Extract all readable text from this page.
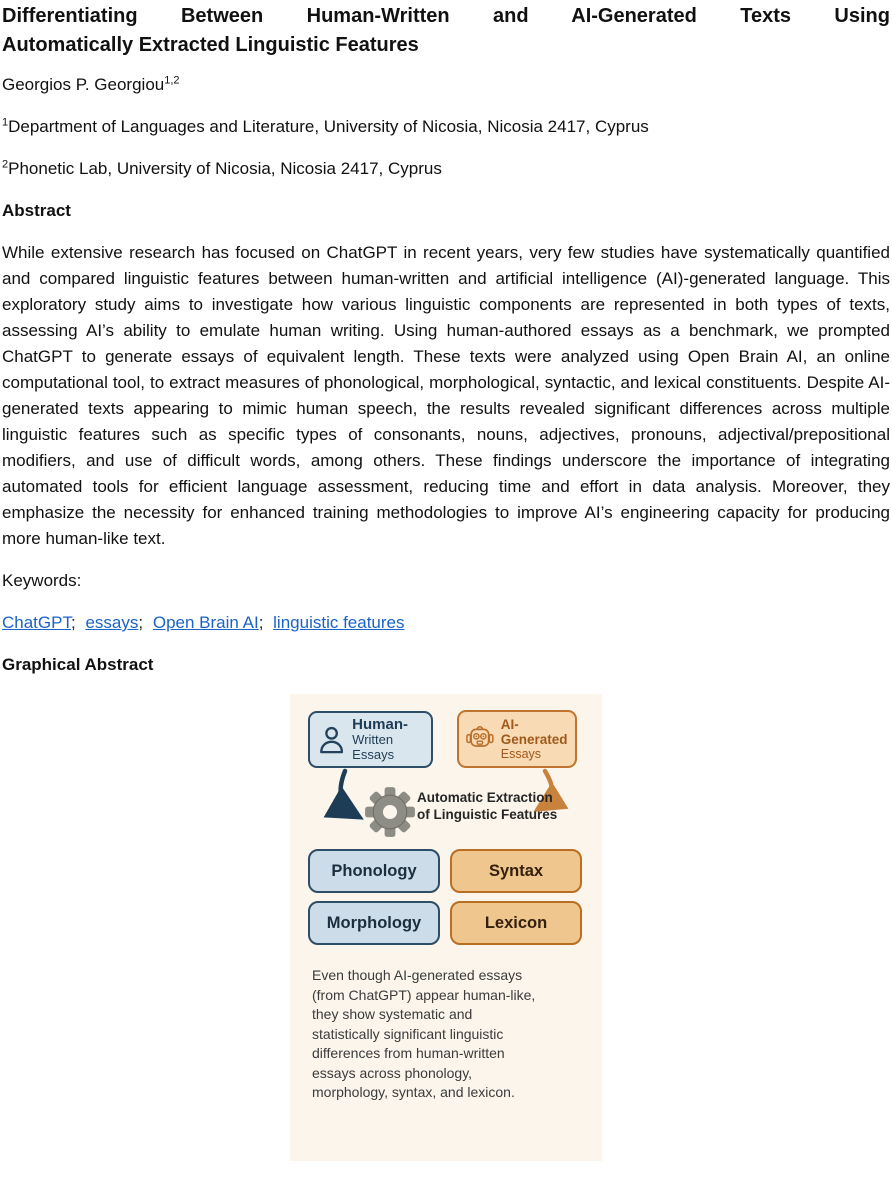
Differentiating Between Human-Written and AI-Generated Texts Using
Automatically Extracted Linguistic Features

Georgios P. Georgiou$^{1,2}$

$^1$Department of Languages and Literature, University of Nicosia, Nicosia 2417, Cyprus

$^2$Phonetic Lab, University of Nicosia, Nicosia 2417, Cyprus

Abstract

While extensive research has focused on ChatGPT in recent years, very few studies have systematically quantified and compared linguistic features between human-written and artificial intelligence (AI)-generated language. This exploratory study aims to investigate how various linguistic components are represented in both types of texts, assessing AI’s ability to emulate human writing. Using human-authored essays as a benchmark, we prompted ChatGPT to generate essays of equivalent length. These texts were analyzed using Open Brain AI, an online computational tool, to extract measures of phonological, morphological, syntactic, and lexical constituents. Despite AI-generated texts appearing to mimic human speech, the results revealed significant differences across multiple linguistic features such as specific types of consonants, nouns, adjectives, pronouns, adjectival/prepositional modifiers, and use of difficult words, among others. These findings underscore the importance of integrating automated tools for efficient language assessment, reducing time and effort in data analysis. Moreover, they emphasize the necessity for enhanced training methodologies to improve AI’s engineering capacity for producing more human-like text.

Keywords:

ChatGPT; essays; Open Brain AI; linguistic features

Graphical Abstract

Human-
Written Essays
AI-Generated
Essays
Automatic Extraction
of Linguistic Features
Phonology	Syntax
Morphology	Lexicon
Even though AI-generated essays
(from ChatGPT) appear human-like,
they show systematic and
statistically significant linguistic
differences from human-written
essays across phonology,
morphology, syntax, and lexicon.
